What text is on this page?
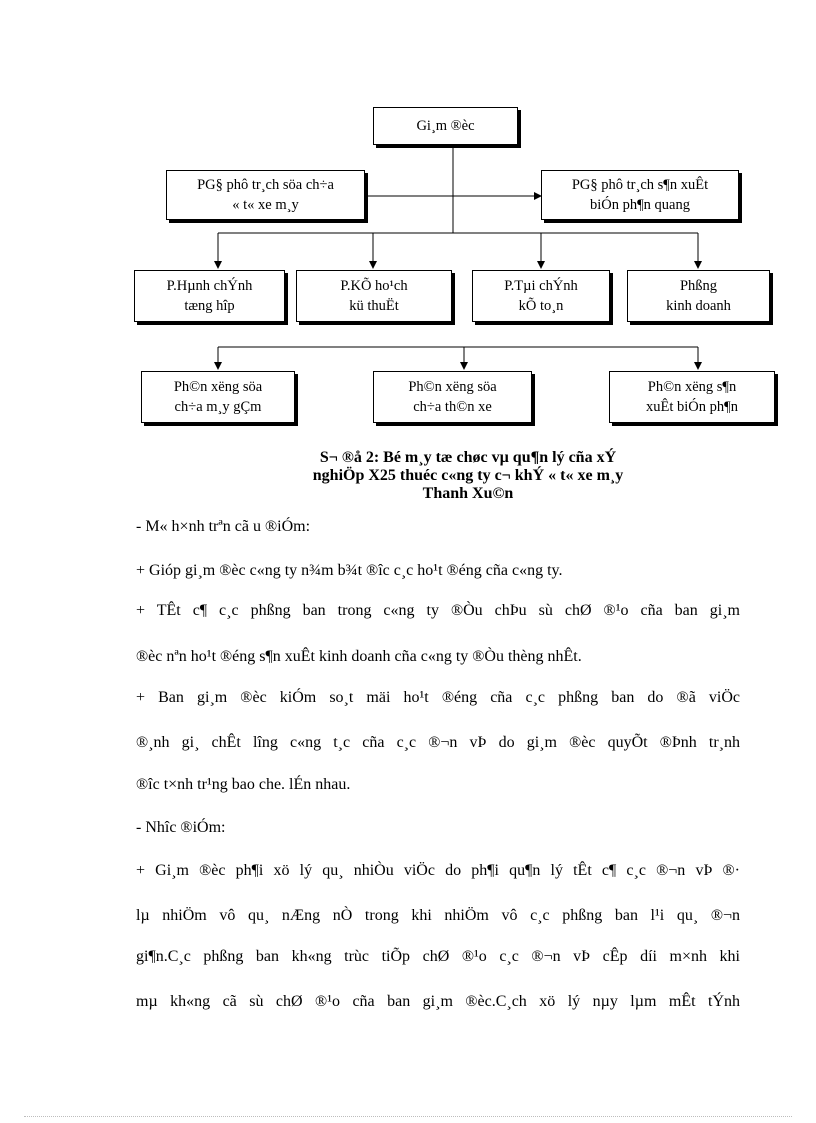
Gi¸m ®èc
PG§ phô tr¸ch söa ch÷a
« t« xe m¸y
PG§ phô tr¸ch s¶n xuÊt
biÓn ph¶n quang
P.Hµnh chÝnh
tæng hîp
P.KÕ ho¹ch
kü thuËt
P.Tµi chÝnh
kÕ to¸n
Phßng
kinh doanh
Ph©n xëng söa
ch÷a m¸y gÇm
Ph©n xëng söa
ch÷a th©n xe
Ph©n xëng s¶n
xuÊt biÓn ph¶n
S¬ ®å 2: Bé m¸y tæ chøc vµ qu¶n lý cña xÝ
nghiÖp X25 thuéc c«ng ty c¬ khÝ « t« xe m¸y
Thanh Xu©n
- M« h×nh trªn cã u ®iÓm:
+ Gióp gi¸m ®èc c«ng ty n¾m b¾t ®îc c¸c ho¹t ®éng cña c«ng ty.
+ TÊt c¶ c¸c phßng ban trong c«ng ty ®Òu chÞu sù chØ ®¹o cña ban gi¸m
®èc nªn ho¹t ®éng s¶n xuÊt kinh doanh cña c«ng ty ®Òu thèng nhÊt.
+ Ban gi¸m ®èc kiÓm so¸t mäi ho¹t ®éng cña c¸c phßng ban do ®ã viÖc
®¸nh gi¸ chÊt lîng c«ng t¸c cña c¸c ®¬n vÞ do gi¸m ®èc quyÕt ®Þnh tr¸nh
®îc t×nh tr¹ng bao che. lÉn nhau.
- Nhîc ®iÓm:
+ Gi¸m ®èc ph¶i xö lý qu¸ nhiÒu viÖc do ph¶i qu¶n lý tÊt c¶ c¸c ®¬n vÞ ®·
lµ nhiÖm vô qu¸ nÆng nÒ trong khi nhiÖm vô c¸c phßng ban l¹i qu¸ ®¬n
gi¶n.C¸c phßng ban kh«ng trùc tiÕp chØ ®¹o c¸c ®¬n vÞ cÊp díi m×nh khi
mµ kh«ng cã sù chØ ®¹o cña ban gi¸m ®èc.C¸ch xö lý nµy lµm mÊt tÝnh
